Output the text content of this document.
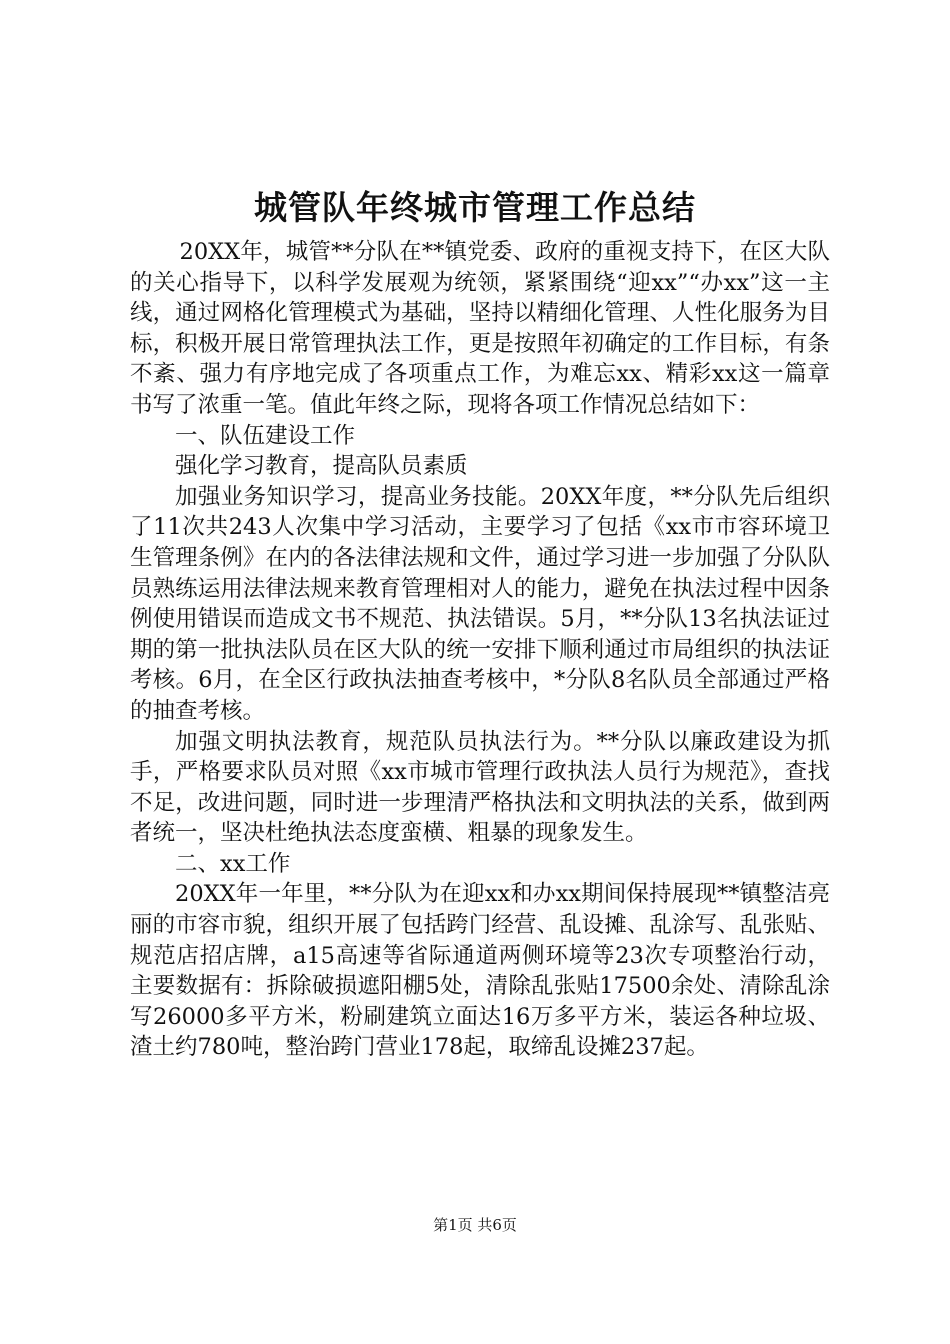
城管队年终城市管理工作总结

20XX年，城管**分队在**镇党委、政府的重视支持下，在区大队的关心指导下，以科学发展观为统领，紧紧围绕“迎xx”“办xx”这一主线，通过网格化管理模式为基础，坚持以精细化管理、人性化服务为目标，积极开展日常管理执法工作，更是按照年初确定的工作目标，有条不紊、强力有序地完成了各项重点工作，为难忘xx、精彩xx这一篇章书写了浓重一笔。值此年终之际，现将各项工作情况总结如下：

一、队伍建设工作

强化学习教育，提高队员素质

加强业务知识学习，提高业务技能。20XX年度，**分队先后组织了11次共243人次集中学习活动，主要学习了包括《xx市市容环境卫生管理条例》在内的各法律法规和文件，通过学习进一步加强了分队队员熟练运用法律法规来教育管理相对人的能力，避免在执法过程中因条例使用错误而造成文书不规范、执法错误。5月，**分队13名执法证过期的第一批执法队员在区大队的统一安排下顺利通过市局组织的执法证考核。6月，在全区行政执法抽查考核中，*分队8名队员全部通过严格的抽查考核。

加强文明执法教育，规范队员执法行为。**分队以廉政建设为抓手，严格要求队员对照《xx市城市管理行政执法人员行为规范》，查找不足，改进问题，同时进一步理清严格执法和文明执法的关系，做到两者统一，坚决杜绝执法态度蛮横、粗暴的现象发生。

二、xx工作

20XX年一年里，**分队为在迎xx和办xx期间保持展现**镇整洁亮丽的市容市貌，组织开展了包括跨门经营、乱设摊、乱涂写、乱张贴、规范店招店牌，a15高速等省际通道两侧环境等23次专项整治行动，主要数据有：拆除破损遮阳棚5处，清除乱张贴17500余处、清除乱涂写26000多平方米，粉刷建筑立面达16万多平方米，装运各种垃圾、渣土约780吨，整治跨门营业178起，取缔乱设摊237起。

第1页 共6页
